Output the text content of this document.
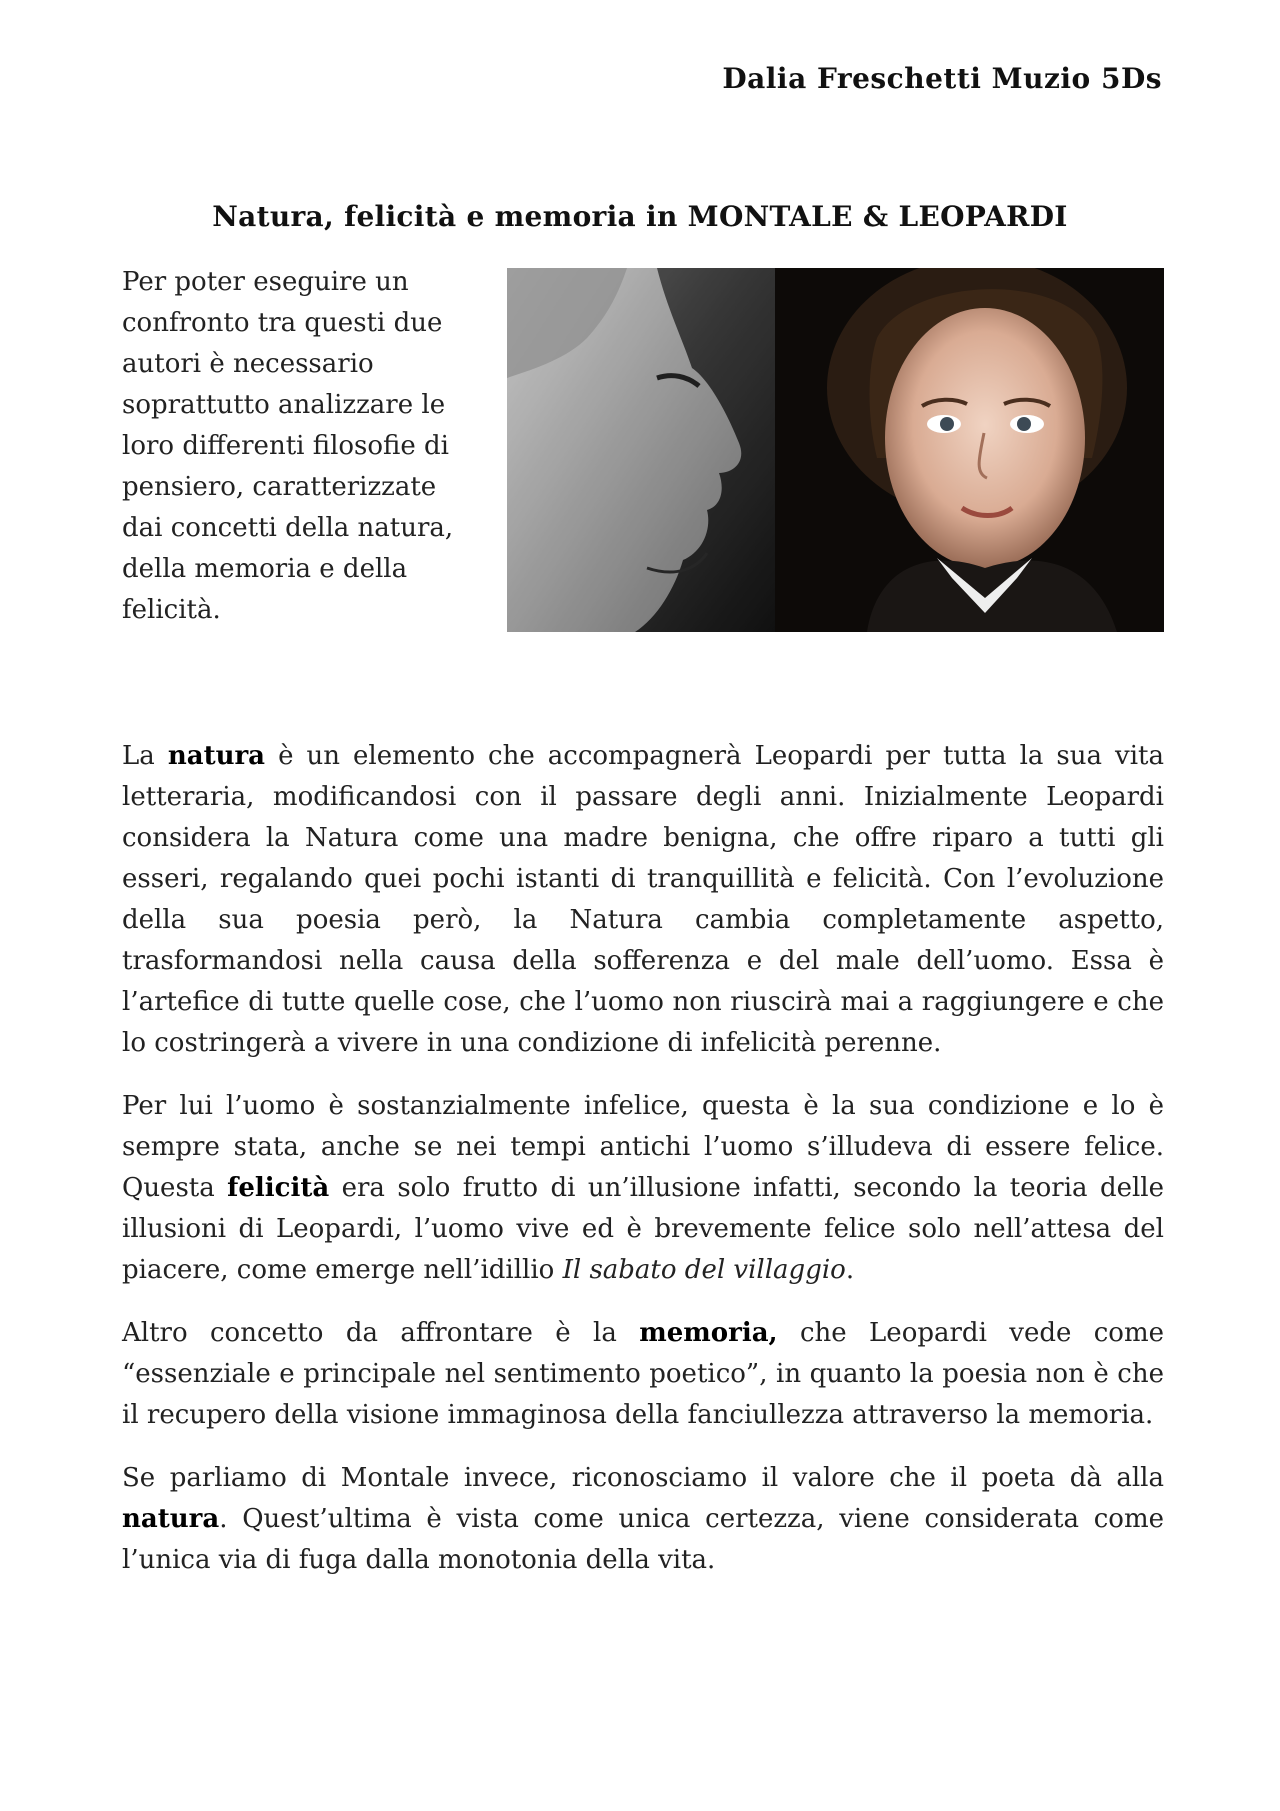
Dalia Freschetti Muzio 5Ds
Natura, felicità e memoria in MONTALE & LEOPARDI

Per poter eseguire un confronto tra questi due autori è necessario soprattutto analizzare le loro differenti filosofie di pensiero, caratterizzate dai concetti della natura, della memoria e della felicità.

La natura è un elemento che accompagnerà Leopardi per tutta la sua vita letteraria, modificandosi con il passare degli anni. Inizialmente Leopardi considera la Natura come una madre benigna, che offre riparo a tutti gli esseri, regalando quei pochi istanti di tranquillità e felicità. Con l’evoluzione della sua poesia però, la Natura cambia completamente aspetto, trasformandosi nella causa della sofferenza e del male dell’uomo. Essa è l’artefice di tutte quelle cose, che l’uomo non riuscirà mai a raggiungere e che lo costringerà a vivere in una condizione di infelicità perenne.

Per lui l’uomo è sostanzialmente infelice, questa è la sua condizione e lo è sempre stata, anche se nei tempi antichi l’uomo s’illudeva di essere felice. Questa felicità era solo frutto di un’illusione infatti, secondo la teoria delle illusioni di Leopardi, l’uomo vive ed è brevemente felice solo nell’attesa del piacere, come emerge nell’idillio Il sabato del villaggio.

Altro concetto da affrontare è la memoria, che Leopardi vede come “essenziale e principale nel sentimento poetico”, in quanto la poesia non è che il recupero della visione immaginosa della fanciullezza attraverso la memoria.

Se parliamo di Montale invece, riconosciamo il valore che il poeta dà alla natura. Quest’ultima è vista come unica certezza, viene considerata come l’unica via di fuga dalla monotonia della vita.
